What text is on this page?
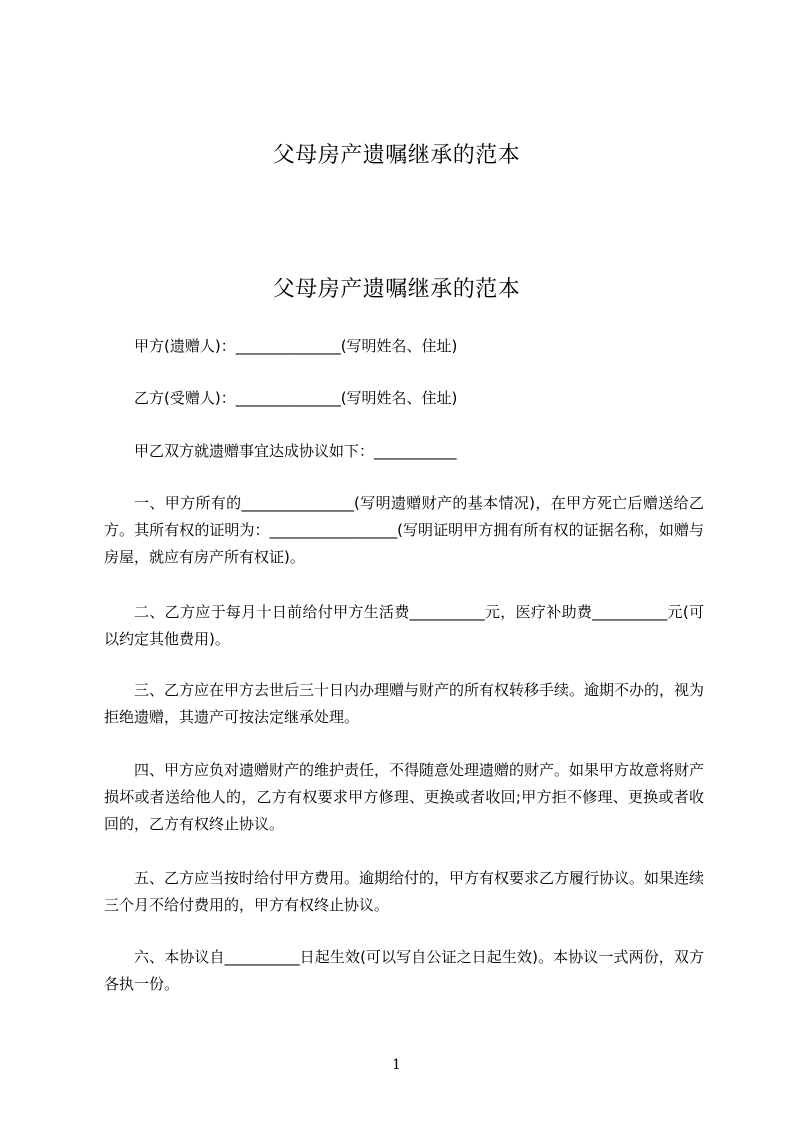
父母房产遗嘱继承的范本
父母房产遗嘱继承的范本

甲方(遗赠人)：______________(写明姓名、住址)

乙方(受赠人)：______________(写明姓名、住址)

甲乙双方就遗赠事宜达成协议如下：___________

一、甲方所有的_______________(写明遗赠财产的基本情况)，在甲方死亡后赠送给乙方。其所有权的证明为：_________________(写明证明甲方拥有所有权的证据名称，如赠与房屋，就应有房产所有权证)。

二、乙方应于每月十日前给付甲方生活费__________元，医疗补助费__________元(可以约定其他费用)。

三、乙方应在甲方去世后三十日内办理赠与财产的所有权转移手续。逾期不办的，视为拒绝遗赠，其遗产可按法定继承处理。

四、甲方应负对遗赠财产的维护责任，不得随意处理遗赠的财产。如果甲方故意将财产损坏或者送给他人的，乙方有权要求甲方修理、更换或者收回;甲方拒不修理、更换或者收回的，乙方有权终止协议。

五、乙方应当按时给付甲方费用。逾期给付的，甲方有权要求乙方履行协议。如果连续三个月不给付费用的，甲方有权终止协议。

六、本协议自__________日起生效(可以写自公证之日起生效)。本协议一式两份，双方各执一份。

1
